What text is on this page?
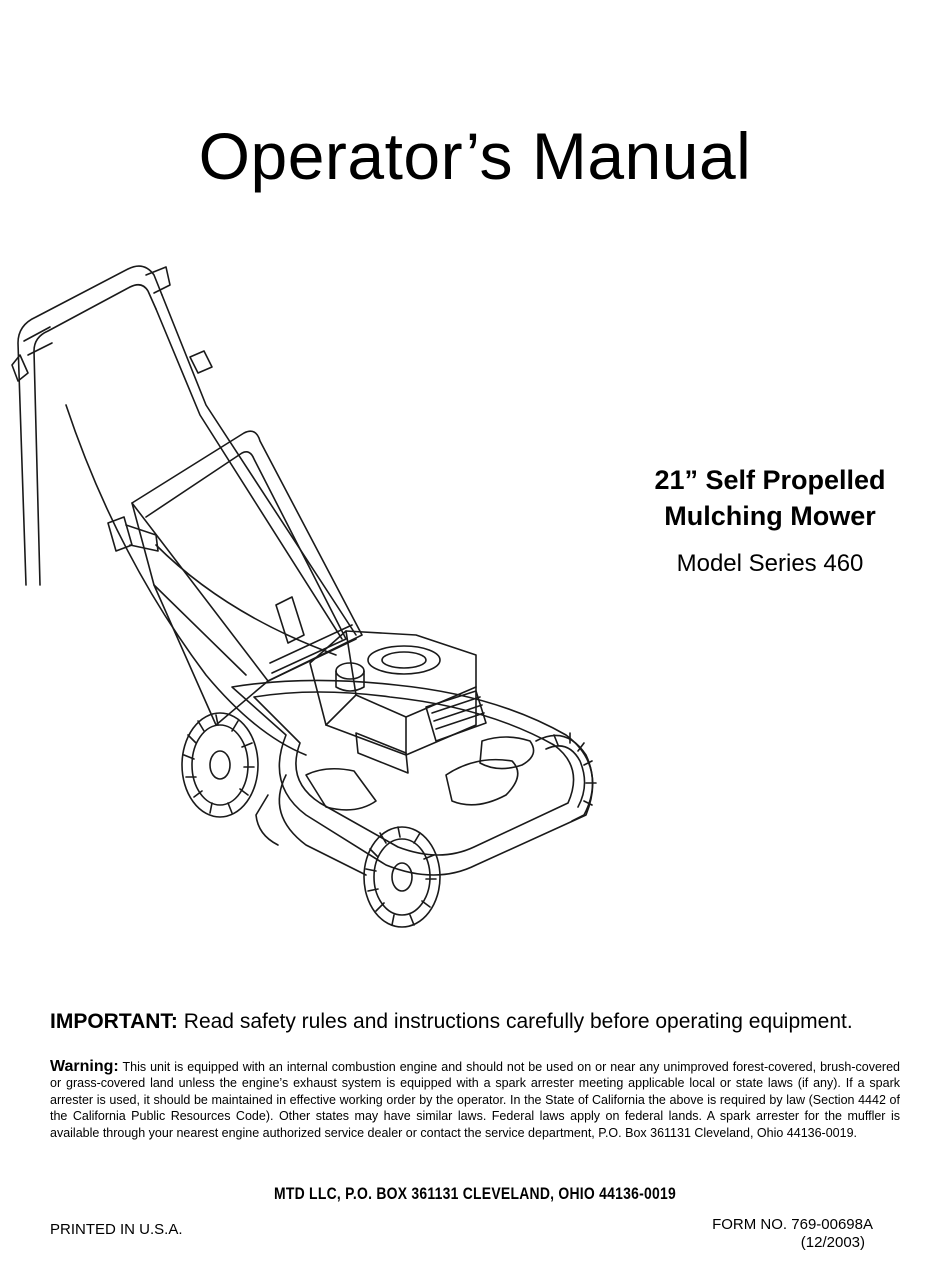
Operator’s Manual
21” Self Propelled
Mulching Mower
Model Series 460
IMPORTANT: Read safety rules and instructions carefully before operating equipment.
Warning: This unit is equipped with an internal combustion engine and should not be used on or near any unimproved forest-covered, brush-covered or grass-covered land unless the engine’s exhaust system is equipped with a spark arrester meeting applicable local or state laws (if any). If a spark arrester is used, it should be maintained in effective working order by the operator. In the State of California the above is required by law (Section 4442 of the California Public Resources Code). Other states may have similar laws. Federal laws apply on federal lands. A spark arrester for the muffler is available through your nearest engine authorized service dealer or contact the service department, P.O. Box 361131 Cleveland, Ohio 44136-0019.
MTD LLC, P.O. BOX 361131 CLEVELAND, OHIO 44136-0019
PRINTED IN U.S.A.	FORM NO. 769-00698A
(12/2003)
